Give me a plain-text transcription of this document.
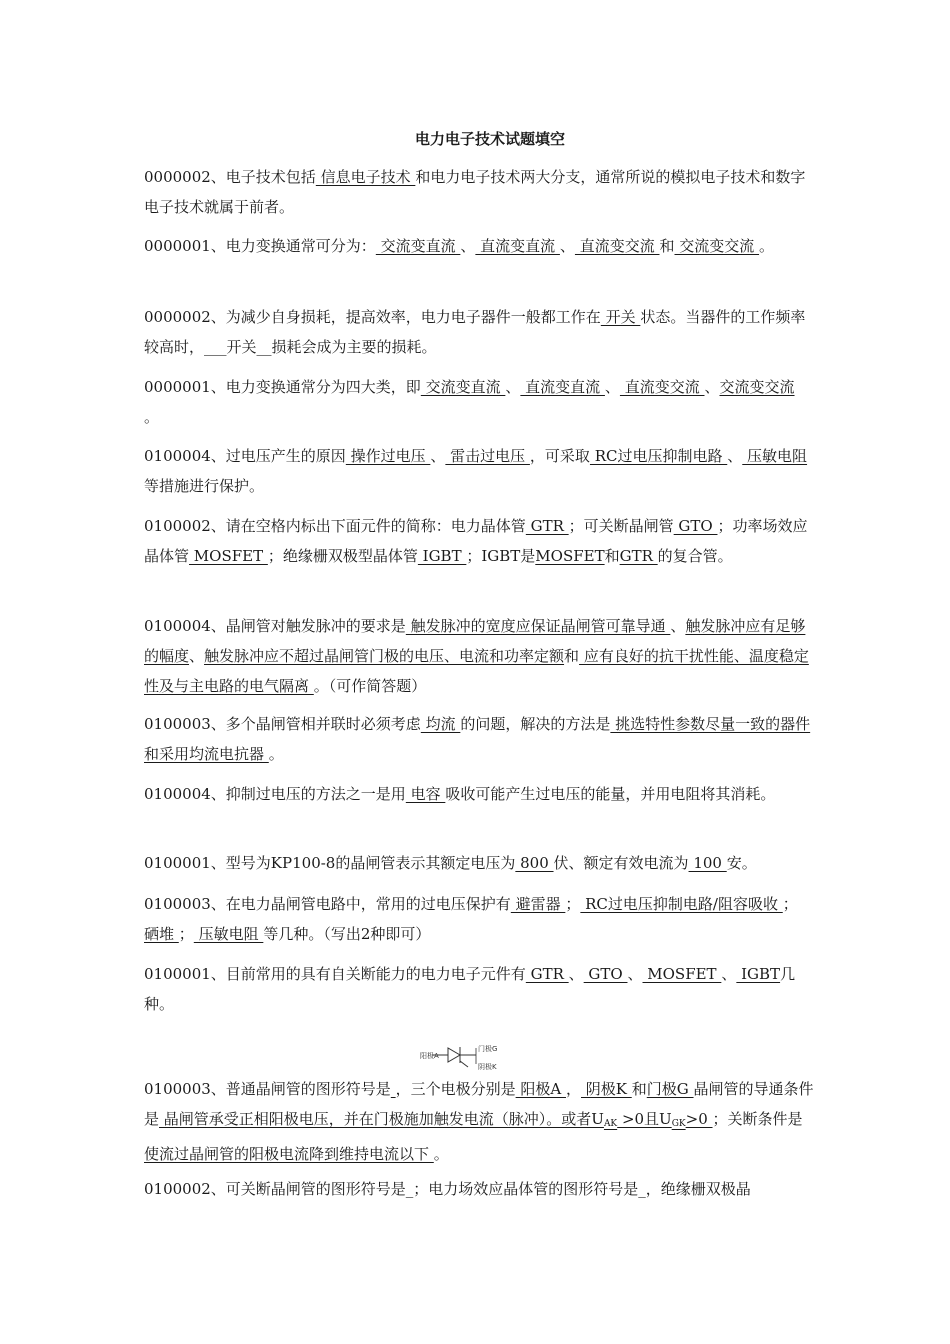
电力电子技术试题填空

0000002、电子技术包括 信息电子技术 和电力电子技术两大分支，通常所说的模拟电子技术和数字电子技术就属于前者。

0000001、电力变换通常可分为： 交流变直流 、 直流变直流 、 直流变交流 和 交流变交流 。

0000002、为减少自身损耗，提高效率，电力电子器件一般都工作在 开关 状态。当器件的工作频率较高时，___开关__损耗会成为主要的损耗。

0000001、电力变换通常分为四大类，即 交流变直流 、 直流变直流 、 直流变交流 、交流变交流 。

0100004、过电压产生的原因 操作过电压 、 雷击过电压 ，可采取 RC过电压抑制电路 、 压敏电阻 等措施进行保护。

0100002、请在空格内标出下面元件的简称：电力晶体管 GTR ；可关断晶闸管 GTO ；功率场效应晶体管 MOSFET ；绝缘栅双极型晶体管 IGBT ；IGBT是MOSFET和GTR 的复合管。

0100004、晶闸管对触发脉冲的要求是 触发脉冲的宽度应保证晶闸管可靠导通 、触发脉冲应有足够的幅度、触发脉冲应不超过晶闸管门极的电压、电流和功率定额和 应有良好的抗干扰性能、温度稳定性及与主电路的电气隔离 。（可作简答题）

0100003、多个晶闸管相并联时必须考虑 均流 的问题，解决的方法是 挑选特性参数尽量一致的器件和采用均流电抗器 。

0100004、抑制过电压的方法之一是用 电容 吸收可能产生过电压的能量，并用电阻将其消耗。

0100001、型号为KP100-8的晶闸管表示其额定电压为 800 伏、额定有效电流为 100 安。

0100003、在电力晶闸管电路中，常用的过电压保护有 避雷器 ； RC过电压抑制电路/阻容吸收 ； 硒堆 ； 压敏电阻 等几种。（写出2种即可）

0100001、目前常用的具有自关断能力的电力电子元件有 GTR 、 GTO 、 MOSFET 、 IGBT几种。

阳极A
门极G
阴极K

0100003、普通晶闸管的图形符号是 ，三个电极分别是 阳极A ， 阴极K 和门极G 晶闸管的导通条件是 晶闸管承受正相阳极电压，并在门极施加触发电流（脉冲）。或者$U_{AK} >0$且$U_{GK}>0$ ；关断条件是 使流过晶闸管的阳极电流降到维持电流以下 。

0100002、可关断晶闸管的图形符号是_；电力场效应晶体管的图形符号是_，绝缘栅双极晶
